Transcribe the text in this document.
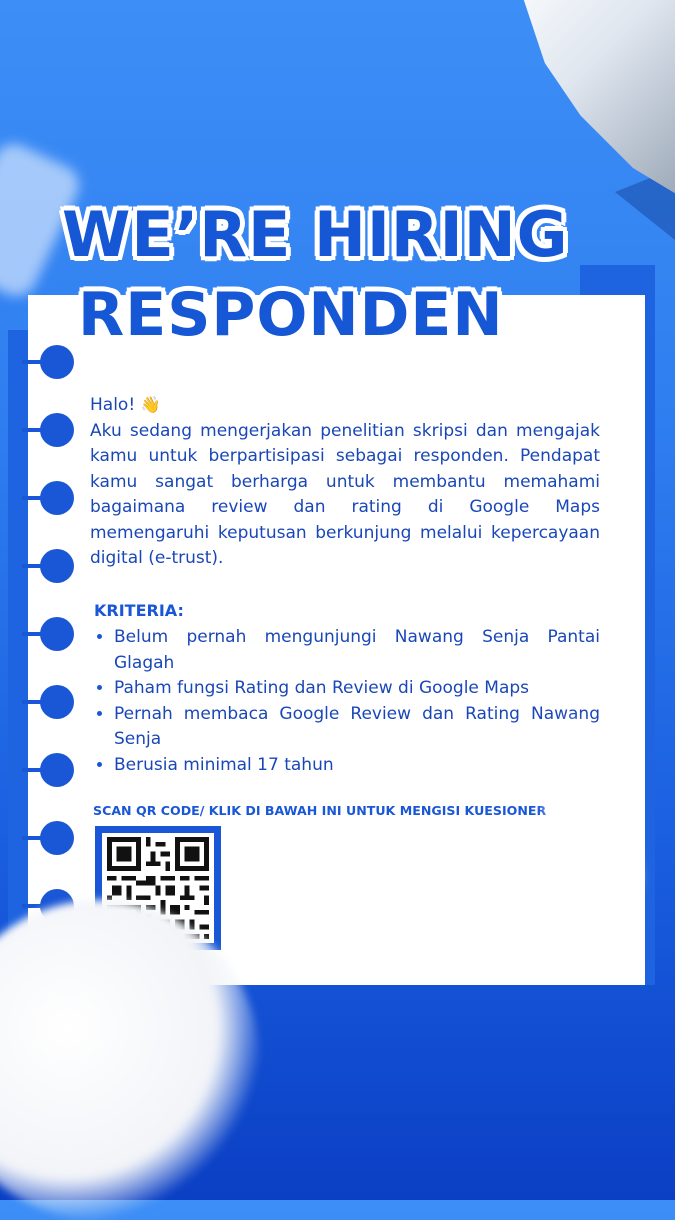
WE’RE HIRING
RESPONDEN

Halo! 👋

Aku sedang mengerjakan penelitian skripsi dan mengajak kamu untuk berpartisipasi sebagai responden. Pendapat kamu sangat berharga untuk membantu memahami bagaimana review dan rating di Google Maps memengaruhi keputusan berkunjung melalui kepercayaan digital (e-trust).

KRITERIA:
• Belum pernah mengunjungi Nawang Senja Pantai Glagah
• Paham fungsi Rating dan Review di Google Maps
• Pernah membaca Google Review dan Rating Nawang Senja
• Berusia minimal 17 tahun
SCAN QR CODE/ KLIK DI BAWAH INI UNTUK MENGISI KUESIONER
